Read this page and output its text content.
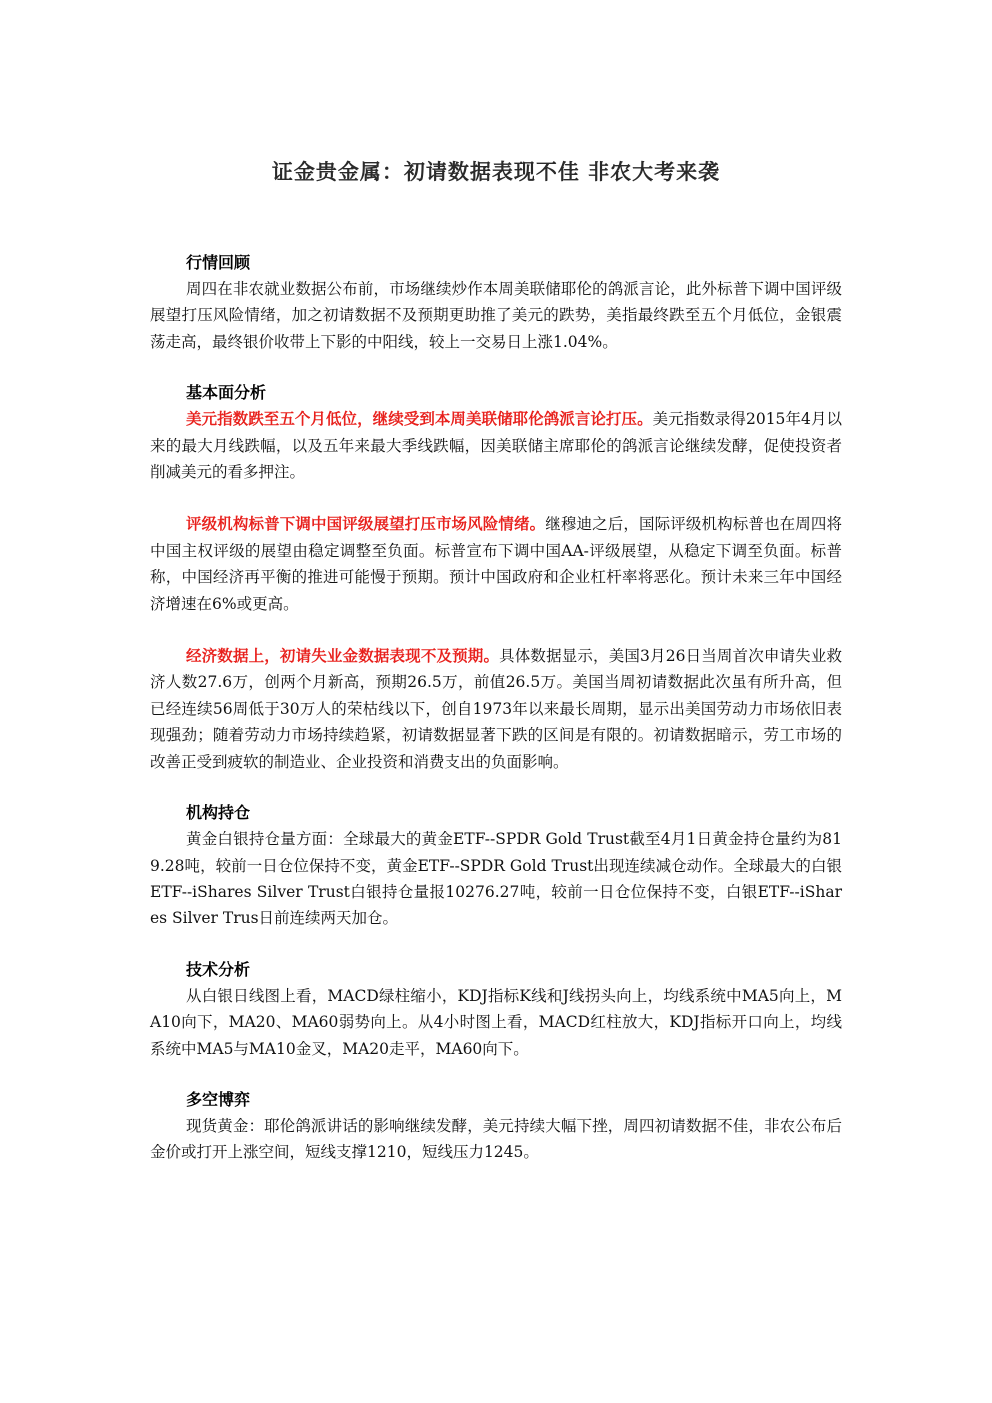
证金贵金属：初请数据表现不佳 非农大考来袭
行情回顾

周四在非农就业数据公布前，市场继续炒作本周美联储耶伦的鸽派言论，此外标普下调中国评级展望打压风险情绪，加之初请数据不及预期更助推了美元的跌势，美指最终跌至五个月低位，金银震荡走高，最终银价收带上下影的中阳线，较上一交易日上涨1.04%。

基本面分析

美元指数跌至五个月低位，继续受到本周美联储耶伦鸽派言论打压。美元指数录得2015年4月以来的最大月线跌幅，以及五年来最大季线跌幅，因美联储主席耶伦的鸽派言论继续发酵，促使投资者削减美元的看多押注。

评级机构标普下调中国评级展望打压市场风险情绪。继穆迪之后，国际评级机构标普也在周四将中国主权评级的展望由稳定调整至负面。标普宣布下调中国AA-评级展望，从稳定下调至负面。标普称，中国经济再平衡的推进可能慢于预期。预计中国政府和企业杠杆率将恶化。预计未来三年中国经济增速在6%或更高。

经济数据上，初请失业金数据表现不及预期。具体数据显示，美国3月26日当周首次申请失业救济人数27.6万，创两个月新高，预期26.5万，前值26.5万。美国当周初请数据此次虽有所升高，但已经连续56周低于30万人的荣枯线以下，创自1973年以来最长周期，显示出美国劳动力市场依旧表现强劲；随着劳动力市场持续趋紧，初请数据显著下跌的区间是有限的。初请数据暗示，劳工市场的改善正受到疲软的制造业、企业投资和消费支出的负面影响。

机构持仓

黄金白银持仓量方面：全球最大的黄金ETF--SPDR Gold Trust截至4月1日黄金持仓量约为819.28吨，较前一日仓位保持不变，黄金ETF--SPDR Gold Trust出现连续减仓动作。全球最大的白银ETF--iShares Silver Trust白银持仓量报10276.27吨，较前一日仓位保持不变，白银ETF--iShares Silver Trus日前连续两天加仓。

技术分析

从白银日线图上看，MACD绿柱缩小，KDJ指标K线和J线拐头向上，均线系统中MA5向上，MA10向下，MA20、MA60弱势向上。从4小时图上看，MACD红柱放大，KDJ指标开口向上，均线系统中MA5与MA10金叉，MA20走平，MA60向下。

多空博弈

现货黄金：耶伦鸽派讲话的影响继续发酵，美元持续大幅下挫，周四初请数据不佳，非农公布后金价或打开上涨空间，短线支撑1210，短线压力1245。
